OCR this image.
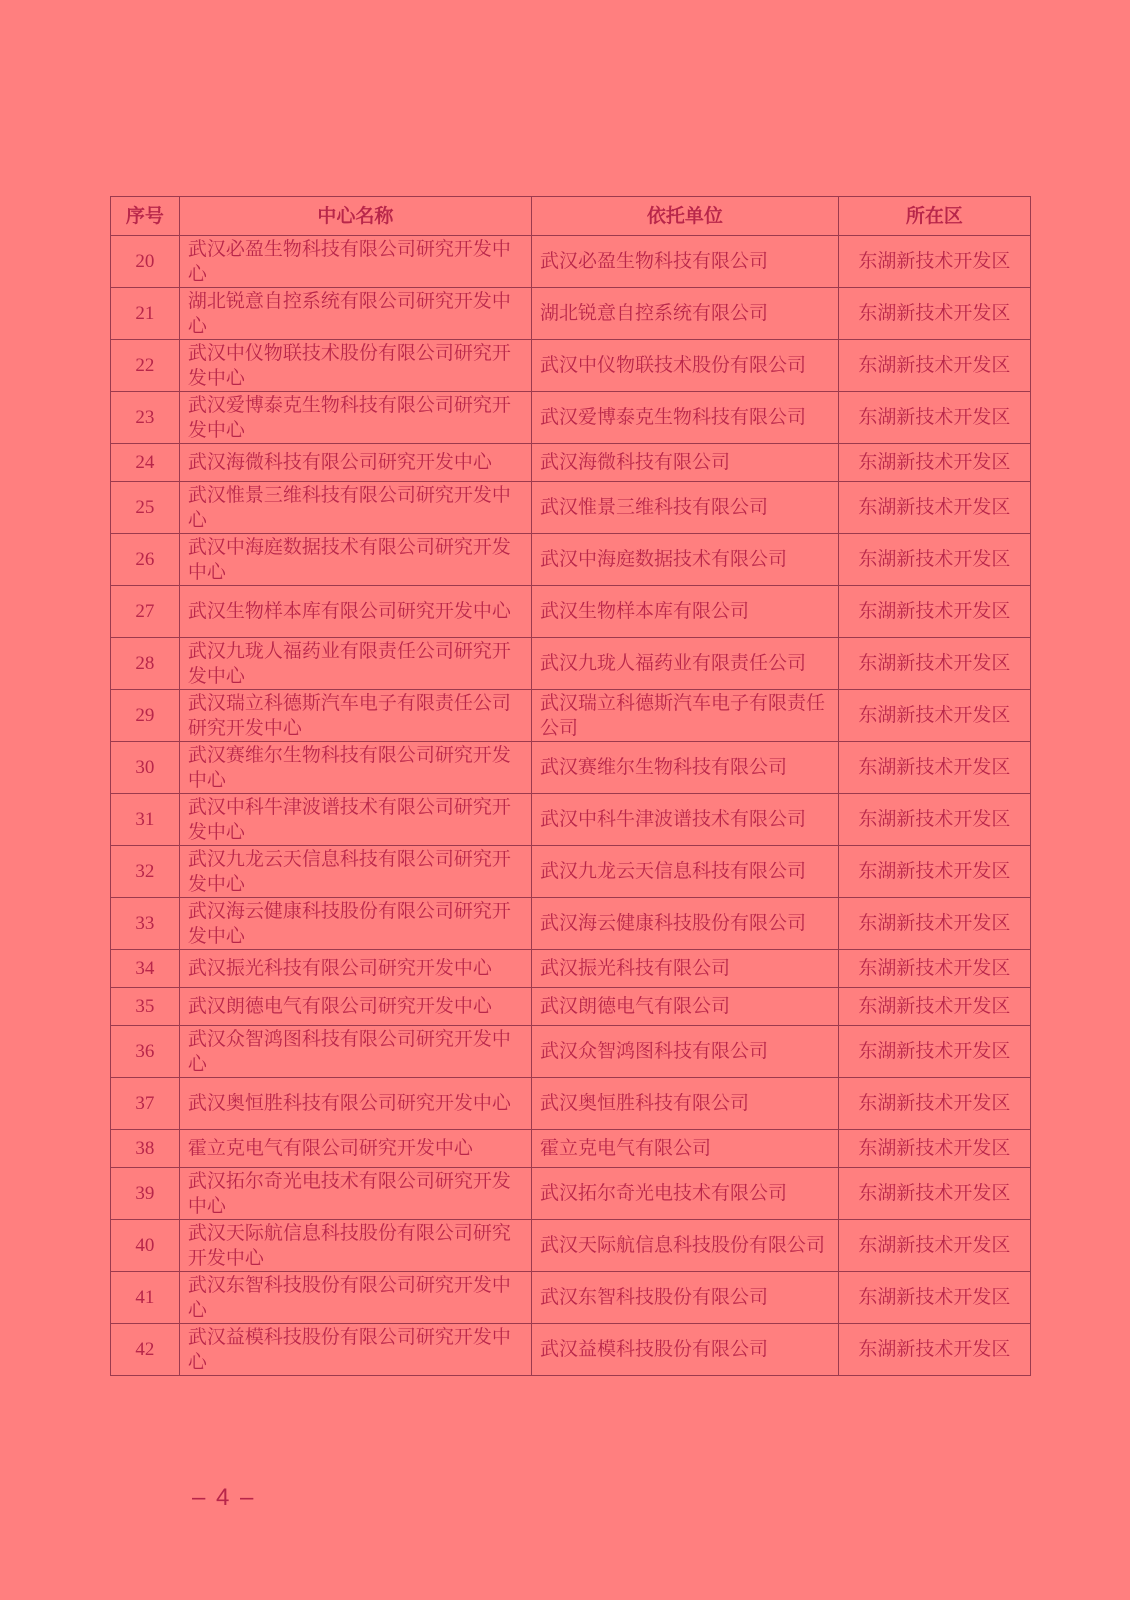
序号	中心名称	依托单位	所在区
20	武汉必盈生物科技有限公司研究开发中心	武汉必盈生物科技有限公司	东湖新技术开发区
21	湖北锐意自控系统有限公司研究开发中心	湖北锐意自控系统有限公司	东湖新技术开发区
22	武汉中仪物联技术股份有限公司研究开发中心	武汉中仪物联技术股份有限公司	东湖新技术开发区
23	武汉爱博泰克生物科技有限公司研究开发中心	武汉爱博泰克生物科技有限公司	东湖新技术开发区
24	武汉海微科技有限公司研究开发中心	武汉海微科技有限公司	东湖新技术开发区
25	武汉惟景三维科技有限公司研究开发中心	武汉惟景三维科技有限公司	东湖新技术开发区
26	武汉中海庭数据技术有限公司研究开发中心	武汉中海庭数据技术有限公司	东湖新技术开发区
27	武汉生物样本库有限公司研究开发中心	武汉生物样本库有限公司	东湖新技术开发区
28	武汉九珑人福药业有限责任公司研究开发中心	武汉九珑人福药业有限责任公司	东湖新技术开发区
29	武汉瑞立科德斯汽车电子有限责任公司研究开发中心	武汉瑞立科德斯汽车电子有限责任公司	东湖新技术开发区
30	武汉赛维尔生物科技有限公司研究开发中心	武汉赛维尔生物科技有限公司	东湖新技术开发区
31	武汉中科牛津波谱技术有限公司研究开发中心	武汉中科牛津波谱技术有限公司	东湖新技术开发区
32	武汉九龙云天信息科技有限公司研究开发中心	武汉九龙云天信息科技有限公司	东湖新技术开发区
33	武汉海云健康科技股份有限公司研究开发中心	武汉海云健康科技股份有限公司	东湖新技术开发区
34	武汉振光科技有限公司研究开发中心	武汉振光科技有限公司	东湖新技术开发区
35	武汉朗德电气有限公司研究开发中心	武汉朗德电气有限公司	东湖新技术开发区
36	武汉众智鸿图科技有限公司研究开发中心	武汉众智鸿图科技有限公司	东湖新技术开发区
37	武汉奥恒胜科技有限公司研究开发中心	武汉奥恒胜科技有限公司	东湖新技术开发区
38	霍立克电气有限公司研究开发中心	霍立克电气有限公司	东湖新技术开发区
39	武汉拓尔奇光电技术有限公司研究开发中心	武汉拓尔奇光电技术有限公司	东湖新技术开发区
40	武汉天际航信息科技股份有限公司研究开发中心	武汉天际航信息科技股份有限公司	东湖新技术开发区
41	武汉东智科技股份有限公司研究开发中心	武汉东智科技股份有限公司	东湖新技术开发区
42	武汉益模科技股份有限公司研究开发中心	武汉益模科技股份有限公司	东湖新技术开发区
– 4 –
